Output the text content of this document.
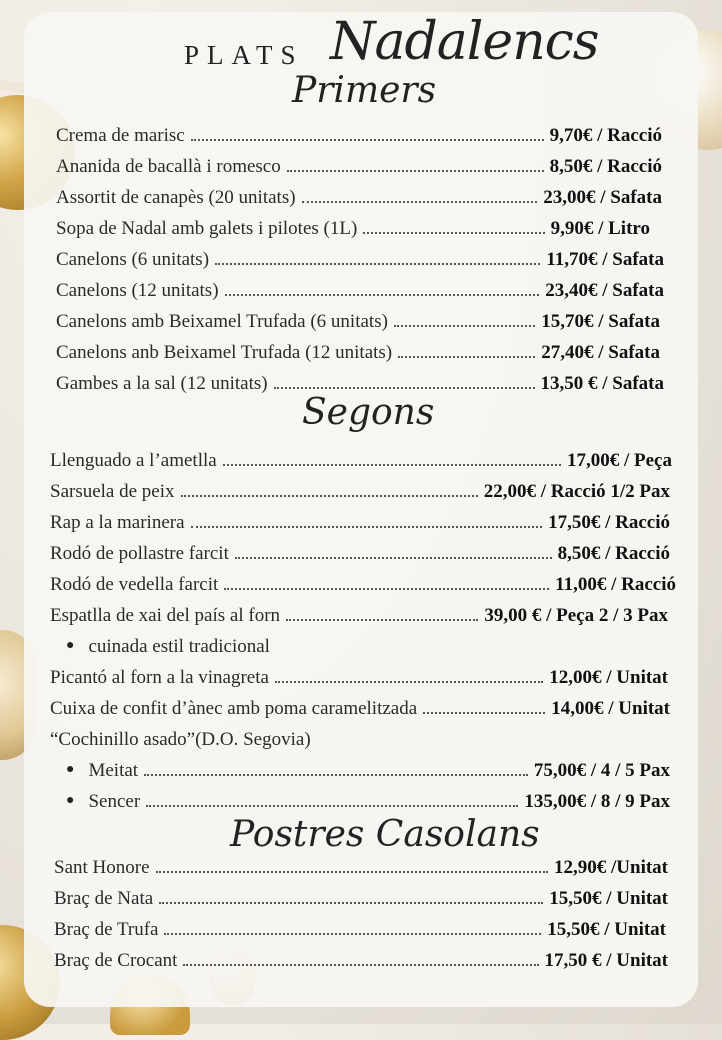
PLATS Nadalencs
Primers
Crema de marisc	9,70€ / Racció
Ananida de bacallà i romesco	8,50€ / Racció
Assortit de canapès (20 unitats)	23,00€ / Safata
Sopa de Nadal amb galets i pilotes (1L)	9,90€ / Litro
Canelons (6 unitats)	11,70€ / Safata
Canelons (12 unitats)	23,40€ / Safata
Canelons amb Beixamel Trufada (6 unitats)	15,70€ / Safata
Canelons anb Beixamel Trufada (12 unitats)	27,40€ / Safata
Gambes a la sal (12 unitats)	13,50 € / Safata
Segons
Llenguado a l’ametlla	17,00€ / Peça
Sarsuela de peix	22,00€ / Racció 1/2 Pax
Rap a la marinera	17,50€ / Racció
Rodó de pollastre farcit	8,50€ / Racció
Rodó de vedella farcit	11,00€ / Racció
Espatlla de xai del país al forn	39,00 € / Peça 2 / 3 Pax
● cuinada estil tradicional
Picantó al forn a la vinagreta	12,00€ / Unitat
Cuixa de confit d’ànec amb poma caramelitzada	14,00€ / Unitat
“Cochinillo asado”(D.O. Segovia)
● Meitat	75,00€ / 4 / 5 Pax
● Sencer	135,00€ / 8 / 9 Pax
Postres Casolans
Sant Honore	12,90€ /Unitat
Braç de Nata	15,50€ / Unitat
Braç de Trufa	15,50€ / Unitat
Braç de Crocant	17,50 € / Unitat
